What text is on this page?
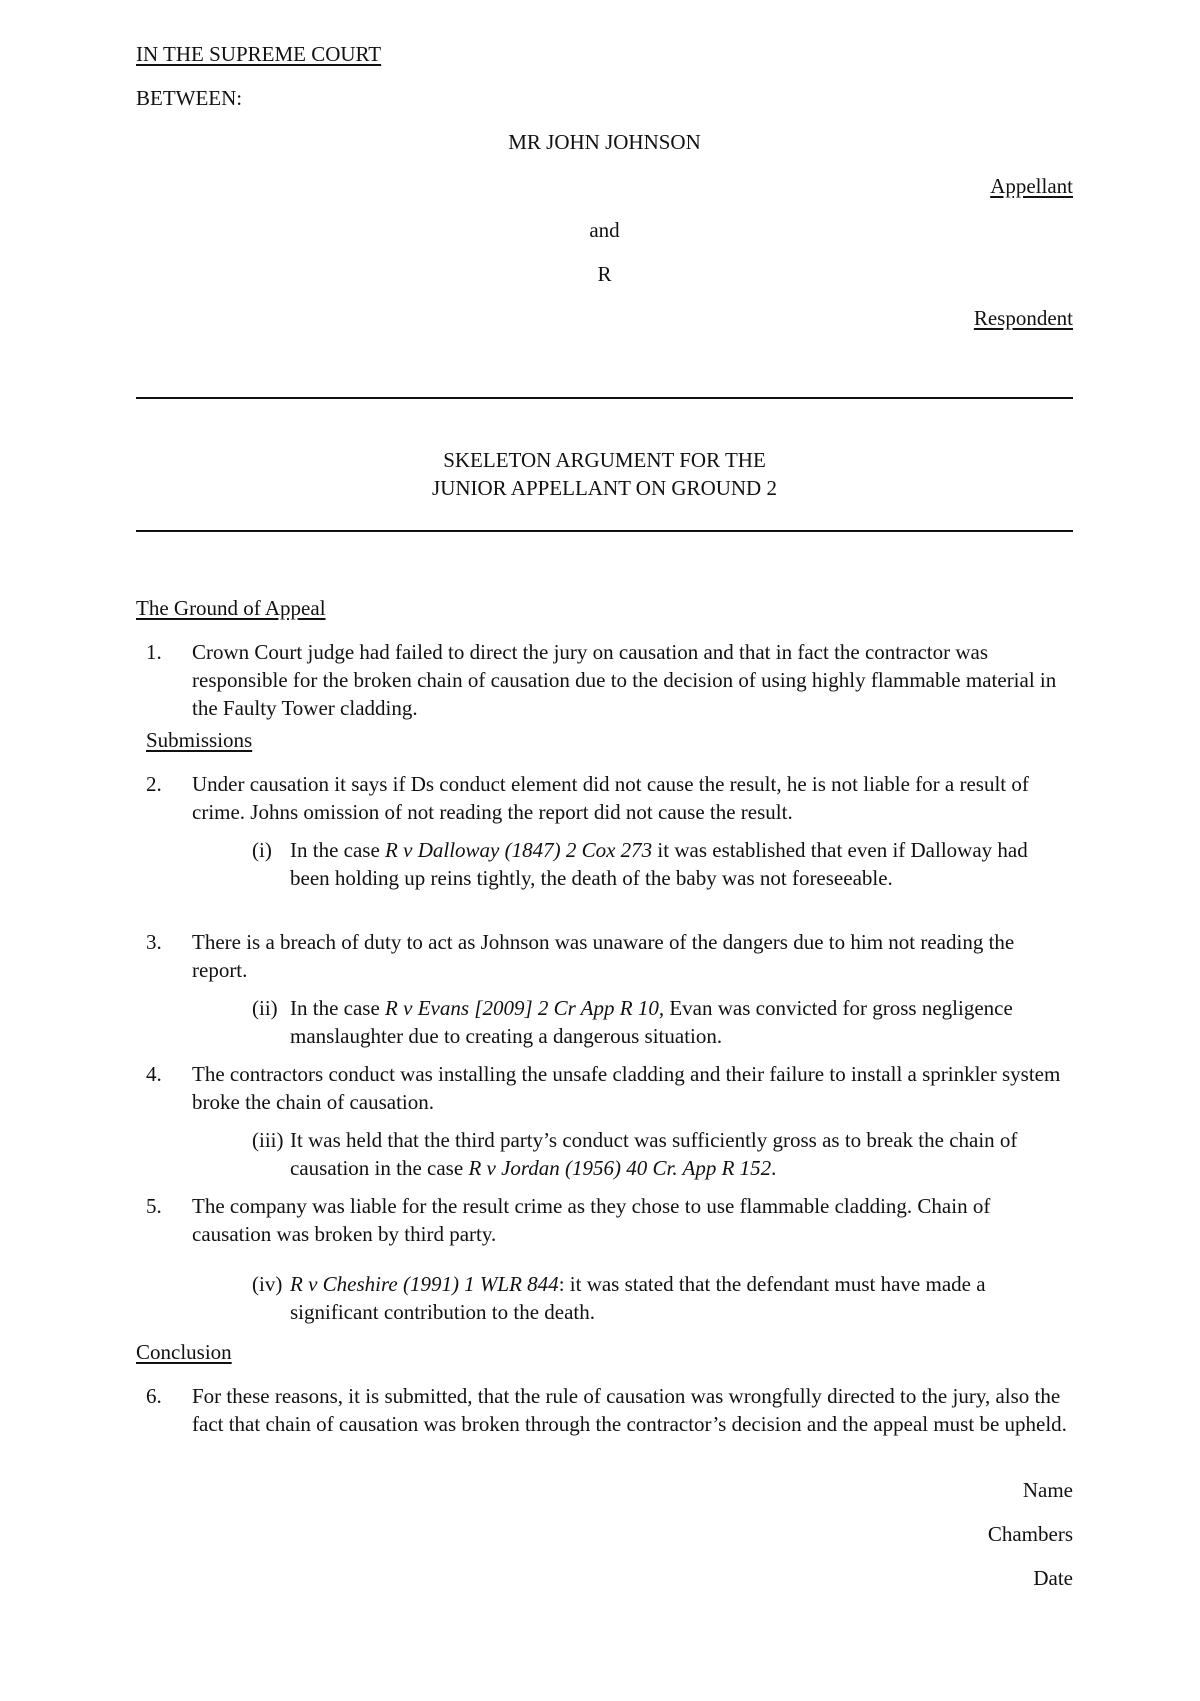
IN THE SUPREME COURT
BETWEEN:
MR JOHN JOHNSON
Appellant
and
R
Respondent
SKELETON ARGUMENT FOR THE
JUNIOR APPELLANT ON GROUND 2
The Ground of Appeal
1.	Crown Court judge had failed to direct the jury on causation and that in fact the contractor was responsible for the broken chain of causation due to the decision of using highly flammable material in the Faulty Tower cladding.
Submissions
2.	Under causation it says if Ds conduct element did not cause the result, he is not liable for a result of crime. Johns omission of not reading the report did not cause the result.
(i) In the case R v Dalloway (1847) 2 Cox 273 it was established that even if Dalloway had been holding up reins tightly, the death of the baby was not foreseeable.
3.	There is a breach of duty to act as Johnson was unaware of the dangers due to him not reading the report.
(ii) In the case R v Evans [2009] 2 Cr App R 10, Evan was convicted for gross negligence manslaughter due to creating a dangerous situation.
4.	The contractors conduct was installing the unsafe cladding and their failure to install a sprinkler system broke the chain of causation.
(iii) It was held that the third party’s conduct was sufficiently gross as to break the chain of causation in the case R v Jordan (1956) 40 Cr. App R 152.
5.	The company was liable for the result crime as they chose to use flammable cladding. Chain of causation was broken by third party.
(iv) R v Cheshire (1991) 1 WLR 844: it was stated that the defendant must have made a significant contribution to the death.
Conclusion
6.	For these reasons, it is submitted, that the rule of causation was wrongfully directed to the jury, also the fact that chain of causation was broken through the contractor’s decision and the appeal must be upheld.
Name
Chambers
Date
